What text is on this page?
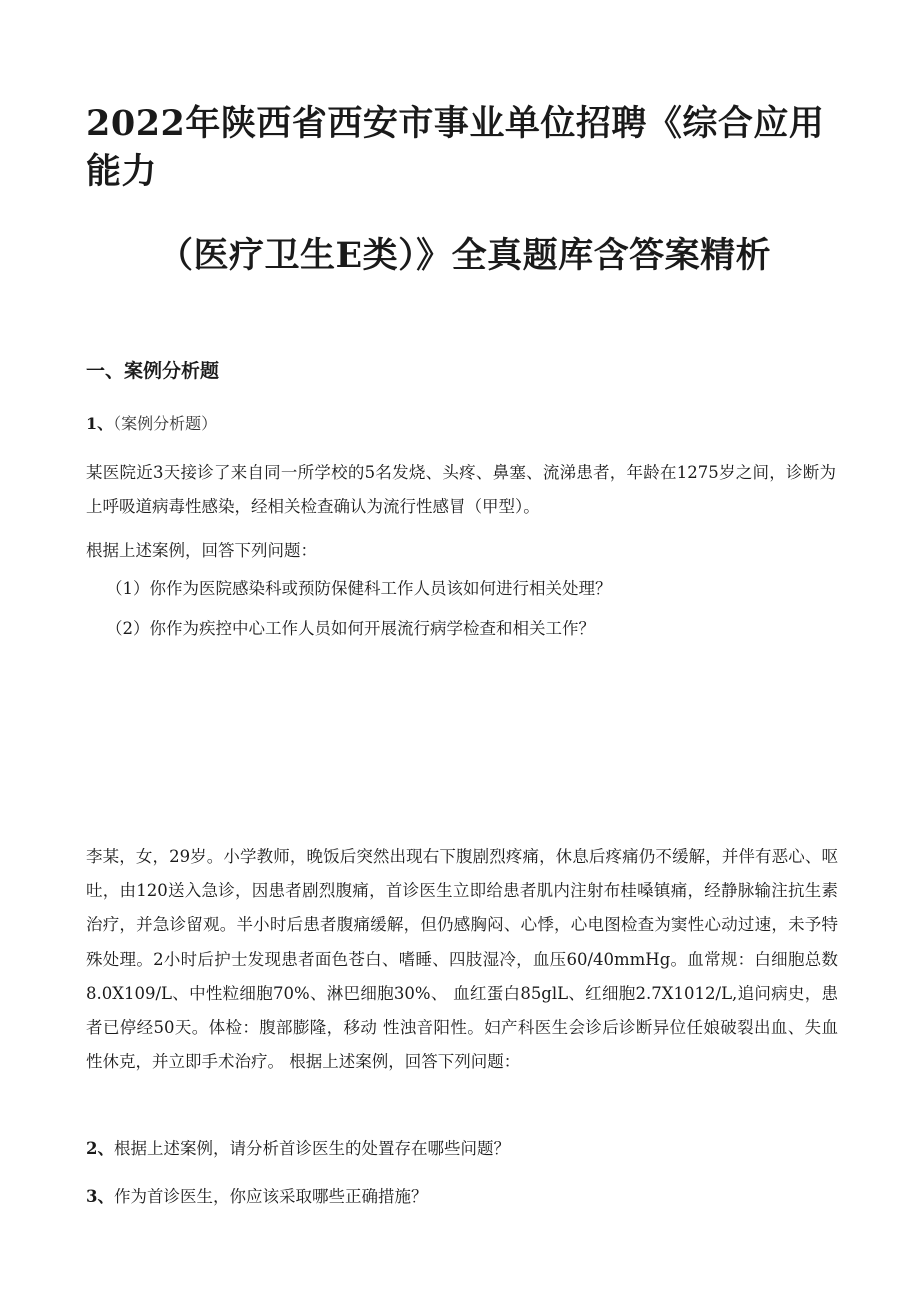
2022年陕西省西安市事业单位招聘《综合应用能力
（医疗卫生E类）》全真题库含答案精析
一、案例分析题
1、（案例分析题）
某医院近3天接诊了来自同一所学校的5名发烧、头疼、鼻塞、流涕患者，年龄在1275岁之间，诊断为上呼吸道病毒性感染，经相关检查确认为流行性感冒（甲型）。
根据上述案例，回答下列问题：
（1）你作为医院感染科或预防保健科工作人员该如何进行相关处理？
（2）你作为疾控中心工作人员如何开展流行病学检查和相关工作？
李某，女，29岁。小学教师，晚饭后突然出现右下腹剧烈疼痛，休息后疼痛仍不缓解，并伴有恶心、呕吐，由120送入急诊，因患者剧烈腹痛，首诊医生立即给患者肌内注射布桂嗓镇痛，经静脉输注抗生素治疗，并急诊留观。半小时后患者腹痛缓解，但仍感胸闷、心悸，心电图检查为窦性心动过速，未予特殊处理。2小时后护士发现患者面色苍白、嗜睡、四肢湿冷，血压60/40mmHg。血常规：白细胞总数8.0X109/L、中性粒细胞70%、淋巴细胞30%、 血红蛋白85glL、红细胞2.7X1012/L,追问病史，患者已停经50天。体检：腹部膨隆，移动 性浊音阳性。妇产科医生会诊后诊断异位任娘破裂出血、失血性休克，并立即手术治疗。 根据上述案例，回答下列问题：
2、根据上述案例，请分析首诊医生的处置存在哪些问题？
3、作为首诊医生，你应该采取哪些正确措施？
